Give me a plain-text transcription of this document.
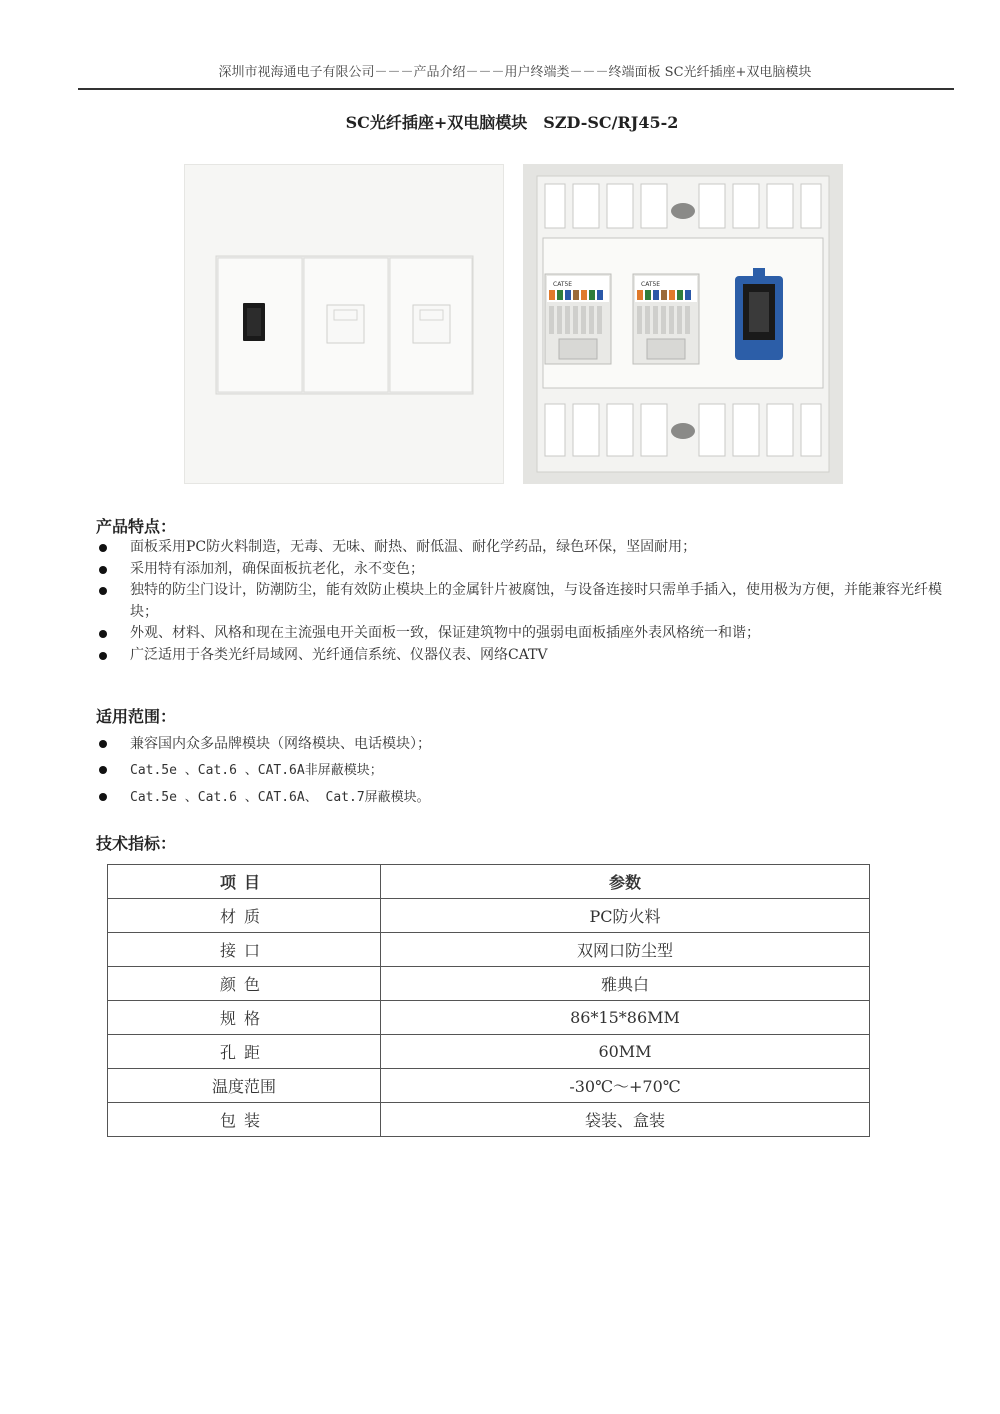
深圳市视海通电子有限公司－－－产品介绍－－－用户终端类－－－终端面板 SC光纤插座+双电脑模块
SC光纤插座+双电脑模块　SZD-SC/RJ45-2
CAT5E	CAT5E
产品特点：
面板采用PC防火料制造，无毒、无味、耐热、耐低温、耐化学药品，绿色环保，坚固耐用；
采用特有添加剂，确保面板抗老化，永不变色；
独特的防尘门设计，防潮防尘，能有效防止模块上的金属针片被腐蚀，与设备连接时只需单手插入，使用极为方便，并能兼容光纤模块；
外观、材料、风格和现在主流强电开关面板一致，保证建筑物中的强弱电面板插座外表风格统一和谐；
广泛适用于各类光纤局域网、光纤通信系统、仪器仪表、网络CATV
适用范围：
兼容国内众多品牌模块（网络模块、电话模块）；
Cat.5e 、Cat.6 、CAT.6A非屏蔽模块；
Cat.5e 、Cat.6 、CAT.6A、 Cat.7屏蔽模块。
技术指标：
项目	参数
材质	PC防火料
接口	双网口防尘型
颜色	雅典白
规格	86*15*86MM
孔距	60MM
温度范围	-30℃～+70℃
包装	袋装、盒装
